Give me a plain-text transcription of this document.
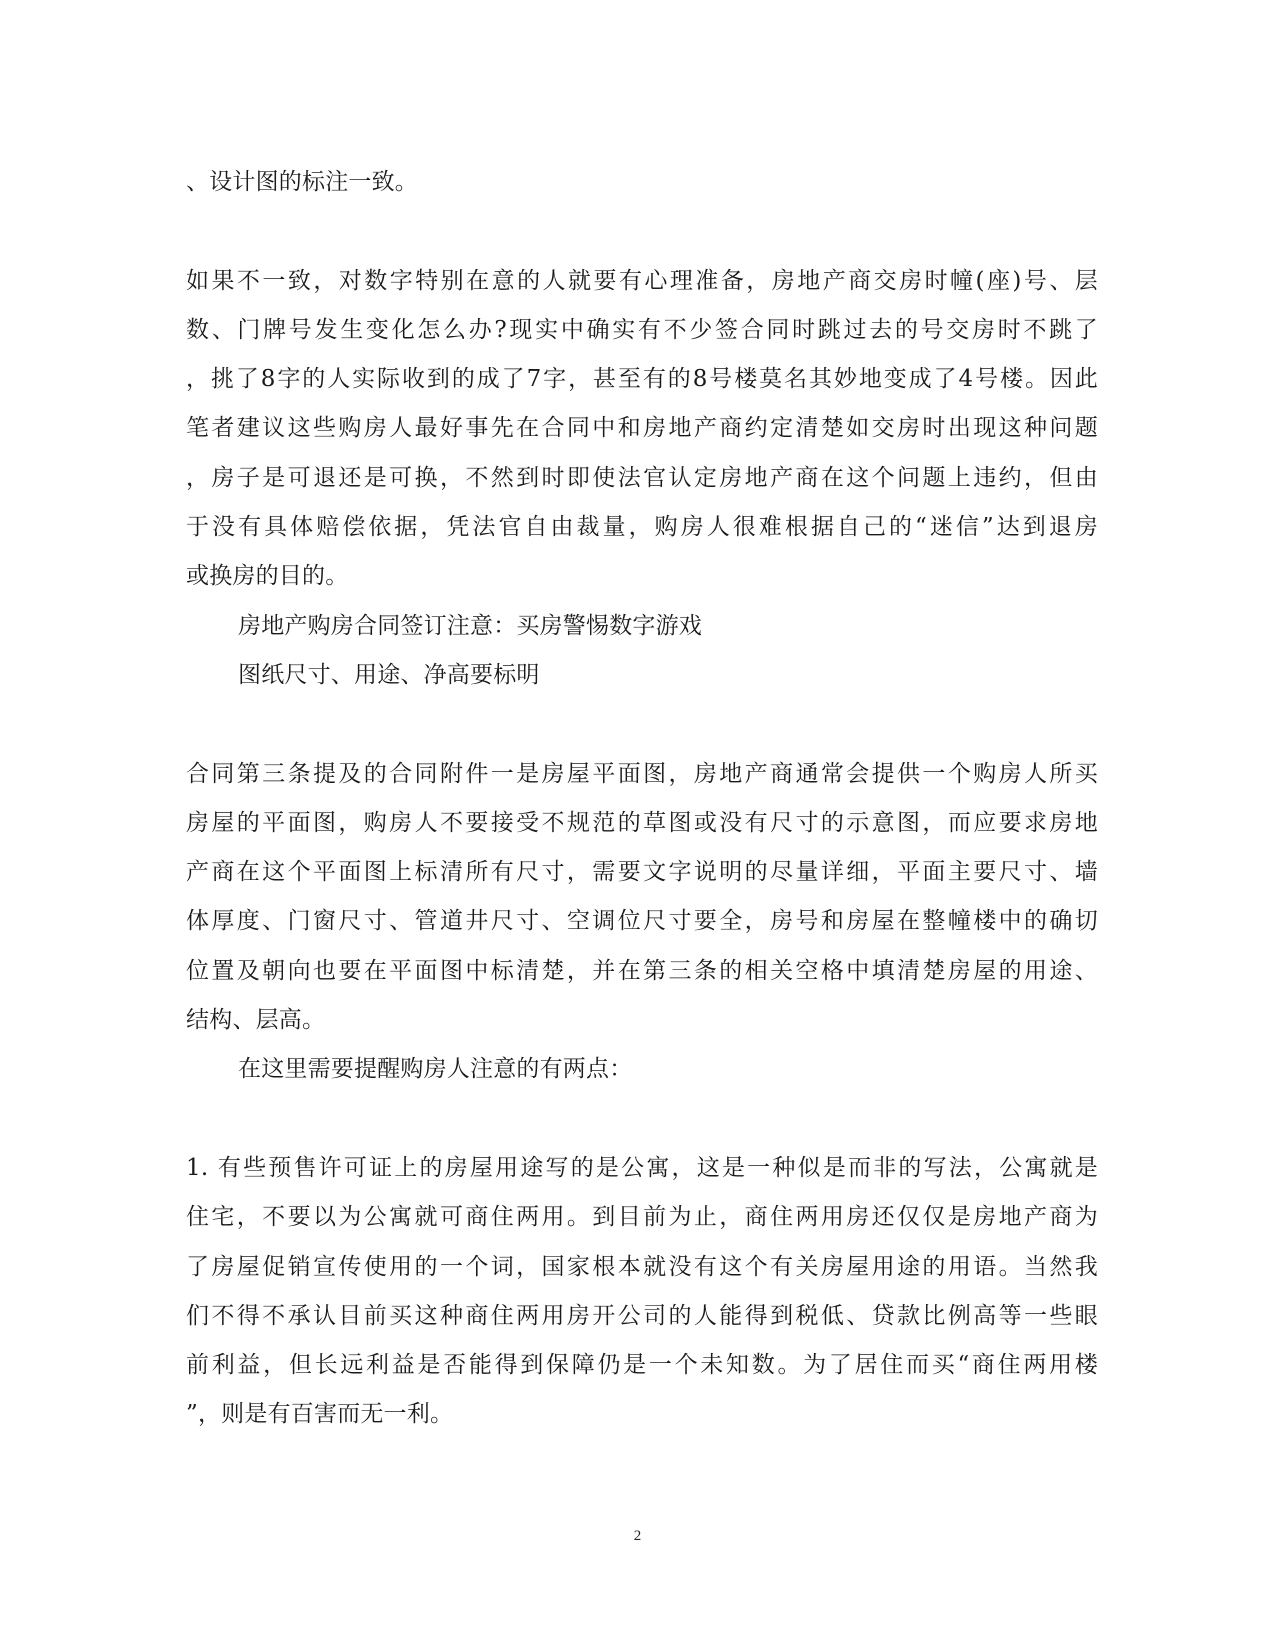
、设计图的标注一致。
如果不一致，对数字特别在意的人就要有心理准备，房地产商交房时幢(座)号、层
数、门牌号发生变化怎么办?现实中确实有不少签合同时跳过去的号交房时不跳了
，挑了8字的人实际收到的成了7字，甚至有的8号楼莫名其妙地变成了4号楼。因此
笔者建议这些购房人最好事先在合同中和房地产商约定清楚如交房时出现这种问题
，房子是可退还是可换，不然到时即使法官认定房地产商在这个问题上违约，但由
于没有具体赔偿依据，凭法官自由裁量，购房人很难根据自己的“迷信”达到退房
或换房的目的。
房地产购房合同签订注意：买房警惕数字游戏
图纸尺寸、用途、净高要标明
合同第三条提及的合同附件一是房屋平面图，房地产商通常会提供一个购房人所买
房屋的平面图，购房人不要接受不规范的草图或没有尺寸的示意图，而应要求房地
产商在这个平面图上标清所有尺寸，需要文字说明的尽量详细，平面主要尺寸、墙
体厚度、门窗尺寸、管道井尺寸、空调位尺寸要全，房号和房屋在整幢楼中的确切
位置及朝向也要在平面图中标清楚，并在第三条的相关空格中填清楚房屋的用途、
结构、层高。
在这里需要提醒购房人注意的有两点：
1. 有些预售许可证上的房屋用途写的是公寓，这是一种似是而非的写法，公寓就是
住宅，不要以为公寓就可商住两用。到目前为止，商住两用房还仅仅是房地产商为
了房屋促销宣传使用的一个词，国家根本就没有这个有关房屋用途的用语。当然我
们不得不承认目前买这种商住两用房开公司的人能得到税低、贷款比例高等一些眼
前利益，但长远利益是否能得到保障仍是一个未知数。为了居住而买“商住两用楼
”，则是有百害而无一利。
2
